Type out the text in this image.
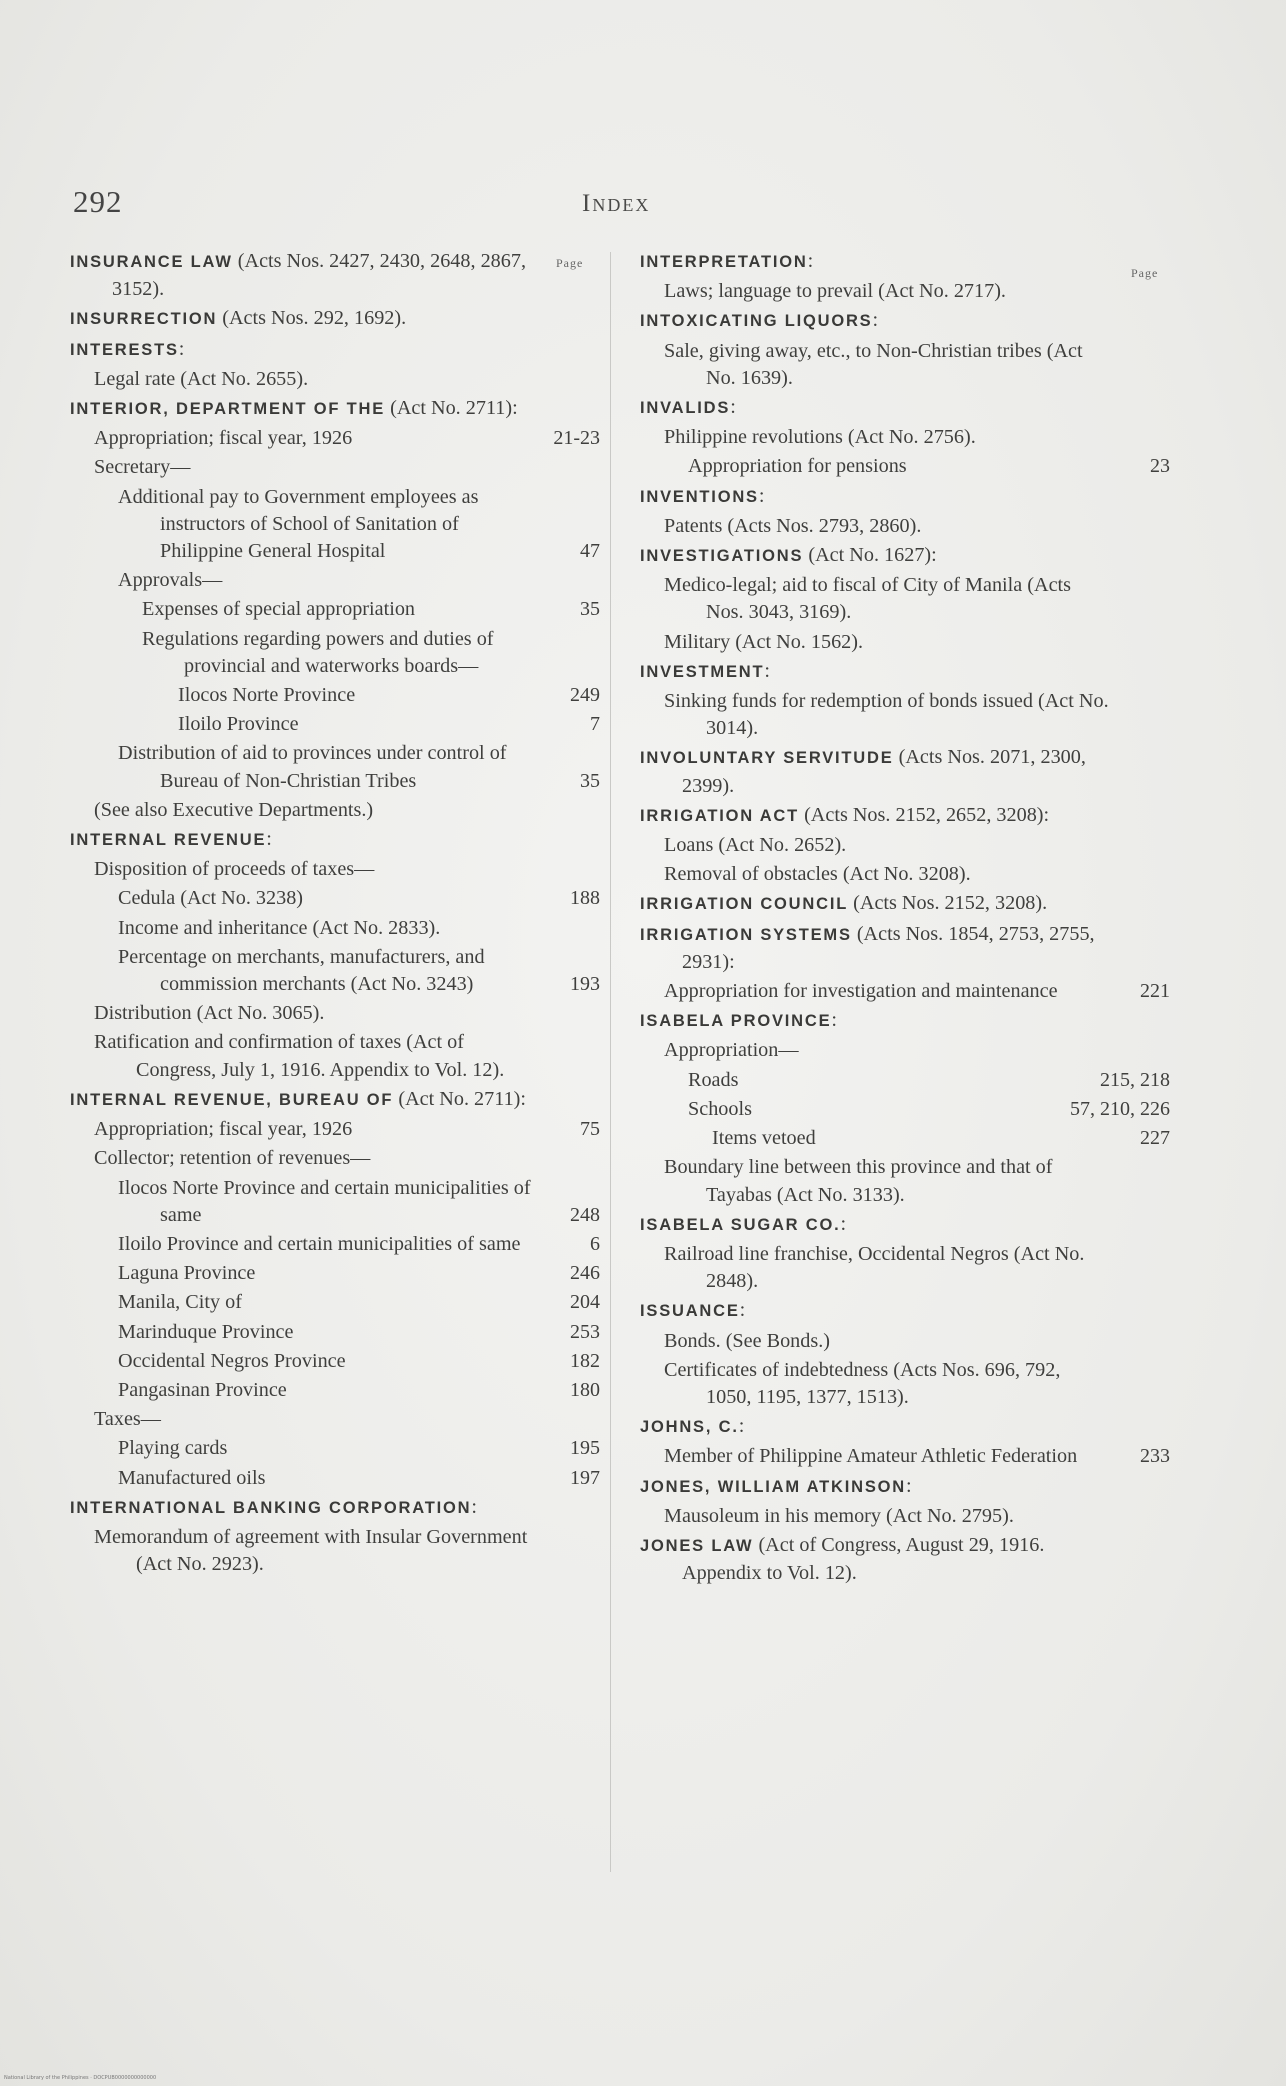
292	Index
Page
Page
INSURANCE LAW (Acts Nos. 2427, 2430, 2648, 2867, 3152).
INSURRECTION (Acts Nos. 292, 1692).
INTERESTS:
Legal rate (Act No. 2655).
INTERIOR, DEPARTMENT OF THE (Act No. 2711):
Appropriation; fiscal year, 1926	21-23
Secretary—
Additional pay to Government employees as instructors of School of Sanitation of Philippine General Hospital	47
Approvals—
Expenses of special appropriation	35
Regulations regarding powers and duties of provincial and waterworks boards—
Ilocos Norte Province	249
Iloilo Province	7
Distribution of aid to provinces under control of Bureau of Non-Christian Tribes	35
(See also Executive Departments.)
INTERNAL REVENUE:
Disposition of proceeds of taxes—
Cedula (Act No. 3238)	188
Income and inheritance (Act No. 2833).
Percentage on merchants, manufacturers, and commission merchants (Act No. 3243)	193
Distribution (Act No. 3065).
Ratification and confirmation of taxes (Act of Congress, July 1, 1916. Appendix to Vol. 12).
INTERNAL REVENUE, BUREAU OF (Act No. 2711):
Appropriation; fiscal year, 1926	75
Collector; retention of revenues—
Ilocos Norte Province and certain municipalities of same	248
Iloilo Province and certain municipalities of same	6
Laguna Province	246
Manila, City of	204
Marinduque Province	253
Occidental Negros Province	182
Pangasinan Province	180
Taxes—
Playing cards	195
Manufactured oils	197
INTERNATIONAL BANKING CORPORATION:
Memorandum of agreement with Insular Government (Act No. 2923).
INTERPRETATION:
Laws; language to prevail (Act No. 2717).
INTOXICATING LIQUORS:
Sale, giving away, etc., to Non-Christian tribes (Act No. 1639).
INVALIDS:
Philippine revolutions (Act No. 2756).
Appropriation for pensions	23
INVENTIONS:
Patents (Acts Nos. 2793, 2860).
INVESTIGATIONS (Act No. 1627):
Medico-legal; aid to fiscal of City of Manila (Acts Nos. 3043, 3169).
Military (Act No. 1562).
INVESTMENT:
Sinking funds for redemption of bonds issued (Act No. 3014).
INVOLUNTARY SERVITUDE (Acts Nos. 2071, 2300, 2399).
IRRIGATION ACT (Acts Nos. 2152, 2652, 3208):
Loans (Act No. 2652).
Removal of obstacles (Act No. 3208).
IRRIGATION COUNCIL (Acts Nos. 2152, 3208).
IRRIGATION SYSTEMS (Acts Nos. 1854, 2753, 2755, 2931):
Appropriation for investigation and maintenance	221
ISABELA PROVINCE:
Appropriation—
Roads	215, 218
Schools	57, 210, 226
Items vetoed	227
Boundary line between this province and that of Tayabas (Act No. 3133).
ISABELA SUGAR CO.:
Railroad line franchise, Occidental Negros (Act No. 2848).
ISSUANCE:
Bonds. (See Bonds.)
Certificates of indebtedness (Acts Nos. 696, 792, 1050, 1195, 1377, 1513).
JOHNS, C.:
Member of Philippine Amateur Athletic Federation	233
JONES, WILLIAM ATKINSON:
Mausoleum in his memory (Act No. 2795).
JONES LAW (Act of Congress, August 29, 1916. Appendix to Vol. 12).
National Library of the Philippines · DOCPUB0000000000000
